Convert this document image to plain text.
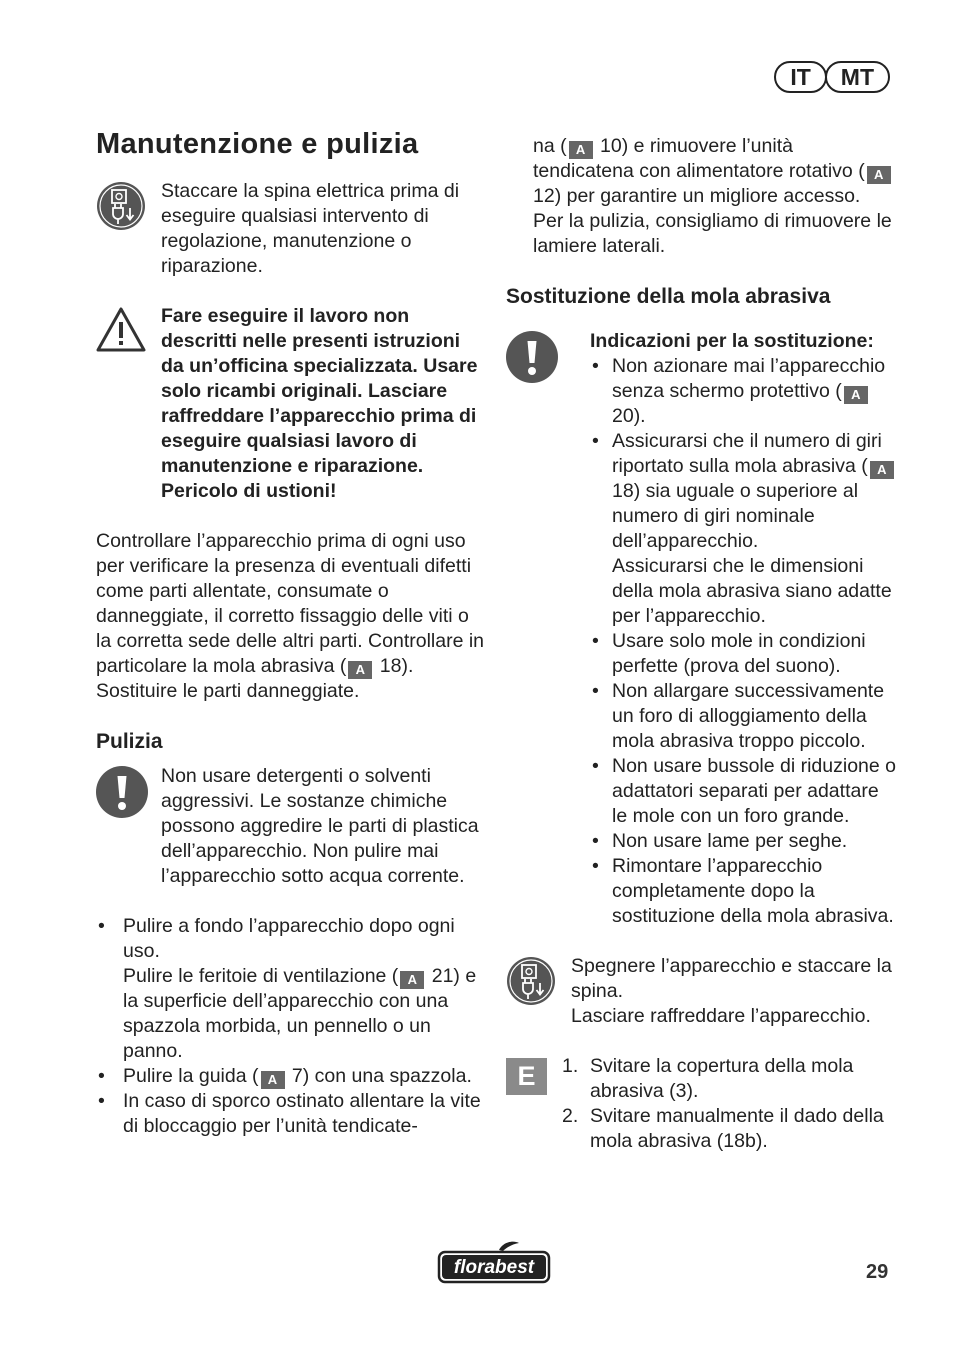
IT	MT
Manutenzione e pulizia

Staccare la spina elettrica prima di eseguire qualsiasi intervento di regolazione, manutenzione o riparazione.

Fare eseguire il lavoro non descritti nelle presenti istruzioni da un’officina specializzata. Usare solo ricambi originali. Lasciare raffreddare l’apparecchio prima di eseguire qualsiasi lavoro di manutenzione e riparazione. Pericolo di ustioni!

Controllare l’apparecchio prima di ogni uso per verificare la presenza di eventuali difetti come parti allentate, consumate o danneggiate, il corretto fissaggio delle viti o la corretta sede delle altri parti. Controllare in particolare la mola abrasiva ( A 18). Sostituire le parti danneggiate.

Pulizia

Non usare detergenti o solventi aggressivi. Le sostanze chimiche possono aggredire le parti di plastica dell’apparecchio. Non pulire mai l’apparecchio sotto acqua corrente.

• Pulire a fondo l’apparecchio dopo ogni uso.
Pulire le feritoie di ventilazione ( A 21) e la superficie dell’apparecchio con una spazzola morbida, un pennello o un panno.
• Pulire la guida ( A 7) con una spazzola.
• In caso di sporco ostinato allentare la vite di bloccaggio per l’unità tendicate-

na ( A 10) e rimuovere l’unità tendicatena con alimentatore rotativo ( A 12) per garantire un migliore accesso.

Per la pulizia, consigliamo di rimuovere le lamiere laterali.

Sostituzione della mola abrasiva

Indicazioni per la sostituzione:

• Non azionare mai l’apparecchio senza schermo protettivo ( A 20).
• Assicurarsi che il numero di giri riportato sulla mola abrasiva ( A 18) sia uguale o superiore al numero di giri nominale dell’apparecchio.
Assicurarsi che le dimensioni della mola abrasiva siano adatte per l’apparecchio.
• Usare solo mole in condizioni perfette (prova del suono).
• Non allargare successivamente un foro di alloggiamento della mola abrasiva troppo piccolo.
• Non usare bussole di riduzione o adattatori separati per adattare le mole con un foro grande.
• Non usare lame per seghe.
• Rimontare l’apparecchio completamente dopo la sostituzione della mola abrasiva.

Spegnere l’apparecchio e staccare la spina.

Lasciare raffreddare l’apparecchio.

E	1. Svitare la copertura della mola abrasiva (3).
2. Svitare manualmente il dado della mola abrasiva (18b).
florabest	29
